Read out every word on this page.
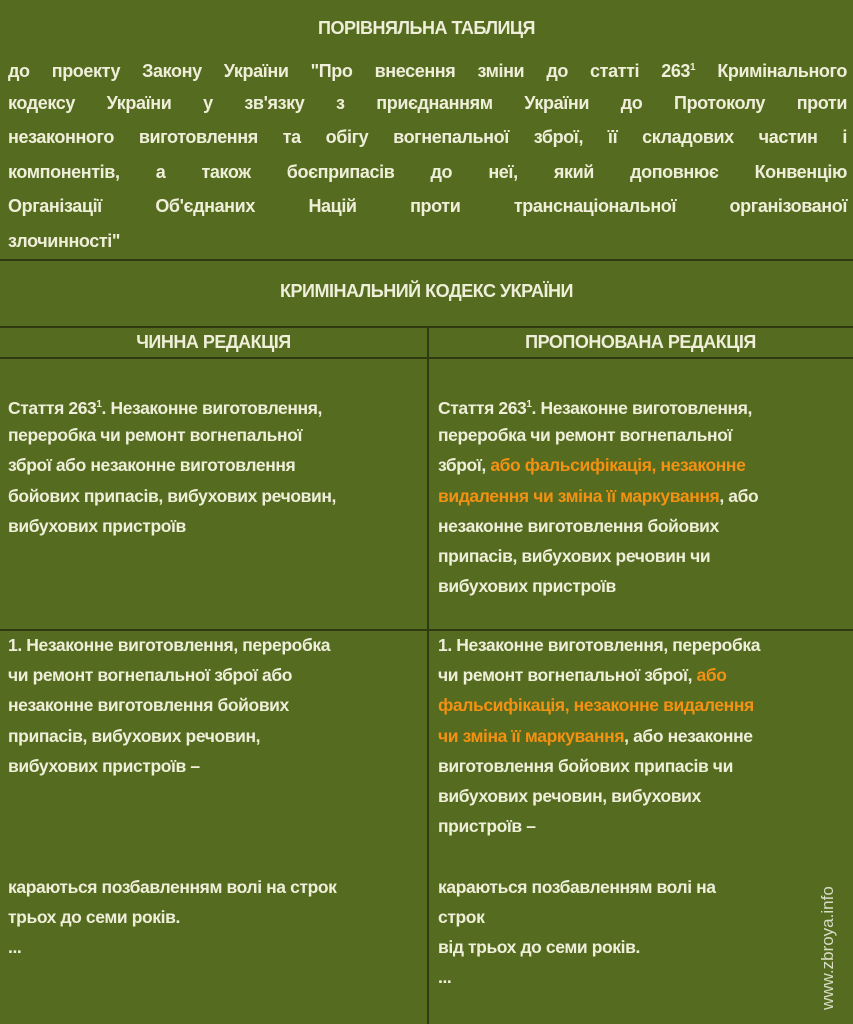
ПОРІВНЯЛЬНА ТАБЛИЦЯ
до проекту Закону України "Про внесення зміни до статті $263^1$ Кримінального
кодексу України у зв'язку з приєднанням України до Протоколу проти
незаконного виготовлення та обігу вогнепальної зброї, її складових частин і
компонентів, а також боєприпасів до неї, який доповнює Конвенцію
Організації Об'єднаних Націй проти транснаціональної організованої
злочинності"
КРИМІНАЛЬНИЙ КОДЕКС УКРАЇНИ
ЧИННА РЕДАКЦІЯ	ПРОПОНОВАНА РЕДАКЦІЯ
Стаття $263^1$. Незаконне виготовлення,
переробка чи ремонт вогнепальної
зброї або незаконне виготовлення
бойових припасів, вибухових речовин,
вибухових пристроїв
Стаття $263^1$. Незаконне виготовлення,
переробка чи ремонт вогнепальної
зброї, або фальсифікація, незаконне
видалення чи зміна її маркування, або
незаконне виготовлення бойових
припасів, вибухових речовин чи
вибухових пристроїв
1. Незаконне виготовлення, переробка
чи ремонт вогнепальної зброї або
незаконне виготовлення бойових
припасів, вибухових речовин,
вибухових пристроїв –
караються позбавленням волі на строк
трьох до семи років.
...
1. Незаконне виготовлення, переробка
чи ремонт вогнепальної зброї, або
фальсифікація, незаконне видалення
чи зміна її маркування, або незаконне
виготовлення бойових припасів чи
вибухових речовин, вибухових
пристроїв –
караються позбавленням волі на
строк
від трьох до семи років.
...	www.zbroya.info
